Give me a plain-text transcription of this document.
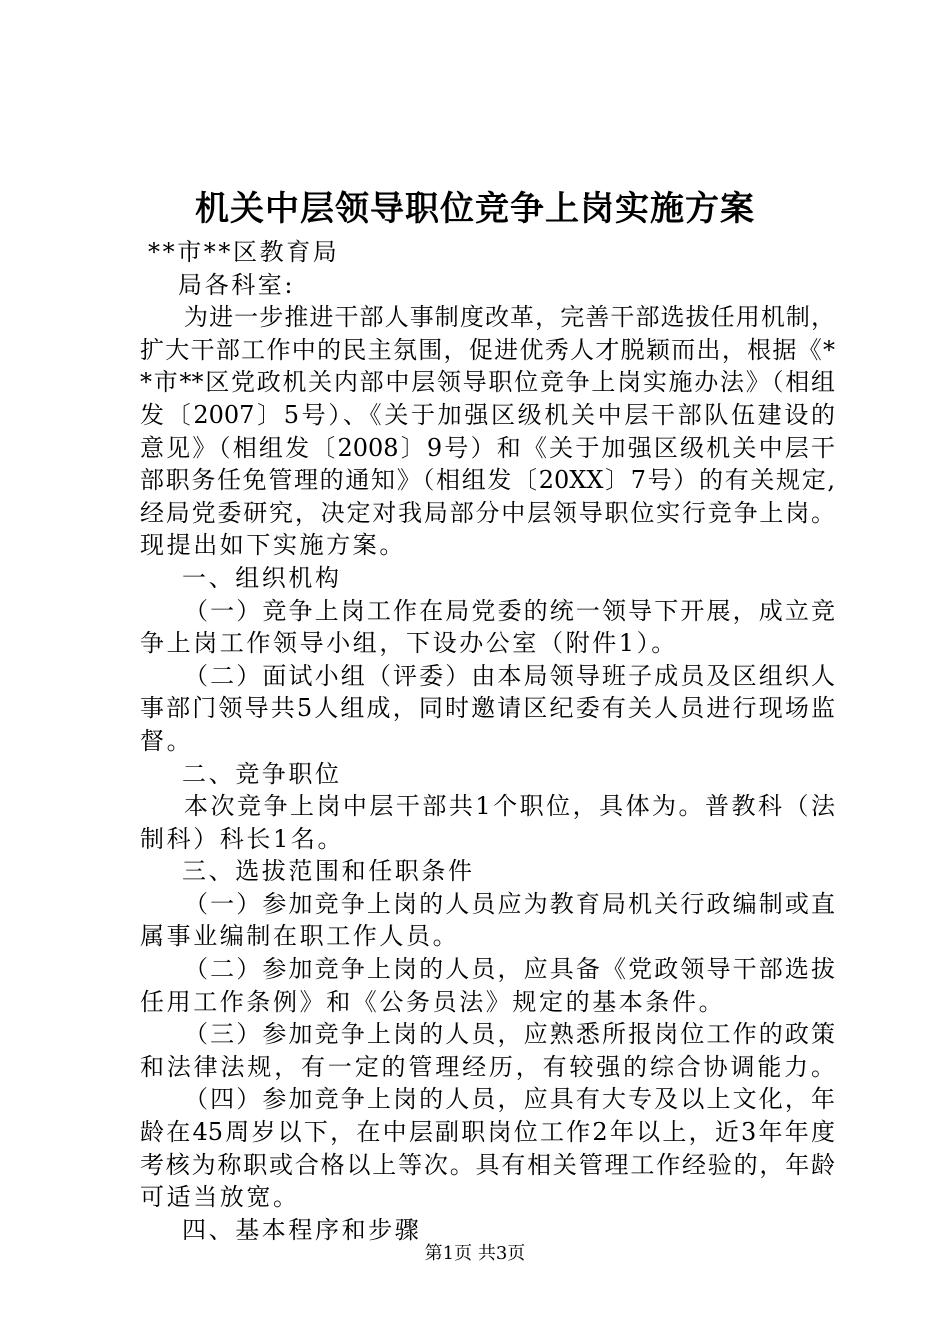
机关中层领导职位竞争上岗实施方案
**市**区教育局
局各科室:
为进一步推进干部人事制度改革，完善干部选拔任用机制，
扩大干部工作中的民主氛围，促进优秀人才脱颖而出，根据《*
*市**区党政机关内部中层领导职位竞争上岗实施办法》（相组
发〔2007〕5号）、《关于加强区级机关中层干部队伍建设的
意见》（相组发〔2008〕9号）和《关于加强区级机关中层干
部职务任免管理的通知》（相组发〔20XX〕7号）的有关规定,
经局党委研究，决定对我局部分中层领导职位实行竞争上岗。
现提出如下实施方案。
一、组织机构
（一）竞争上岗工作在局党委的统一领导下开展，成立竞
争上岗工作领导小组，下设办公室（附件1）。
（二）面试小组（评委）由本局领导班子成员及区组织人
事部门领导共5人组成，同时邀请区纪委有关人员进行现场监
督。
二、竞争职位
本次竞争上岗中层干部共1个职位，具体为。普教科（法
制科）科长1名。
三、选拔范围和任职条件
（一）参加竞争上岗的人员应为教育局机关行政编制或直
属事业编制在职工作人员。
（二）参加竞争上岗的人员，应具备《党政领导干部选拔
任用工作条例》和《公务员法》规定的基本条件。
（三）参加竞争上岗的人员，应熟悉所报岗位工作的政策
和法律法规，有一定的管理经历，有较强的综合协调能力。
（四）参加竞争上岗的人员，应具有大专及以上文化，年
龄在45周岁以下，在中层副职岗位工作2年以上，近3年年度
考核为称职或合格以上等次。具有相关管理工作经验的，年龄
可适当放宽。
四、基本程序和步骤
第1页 共3页
